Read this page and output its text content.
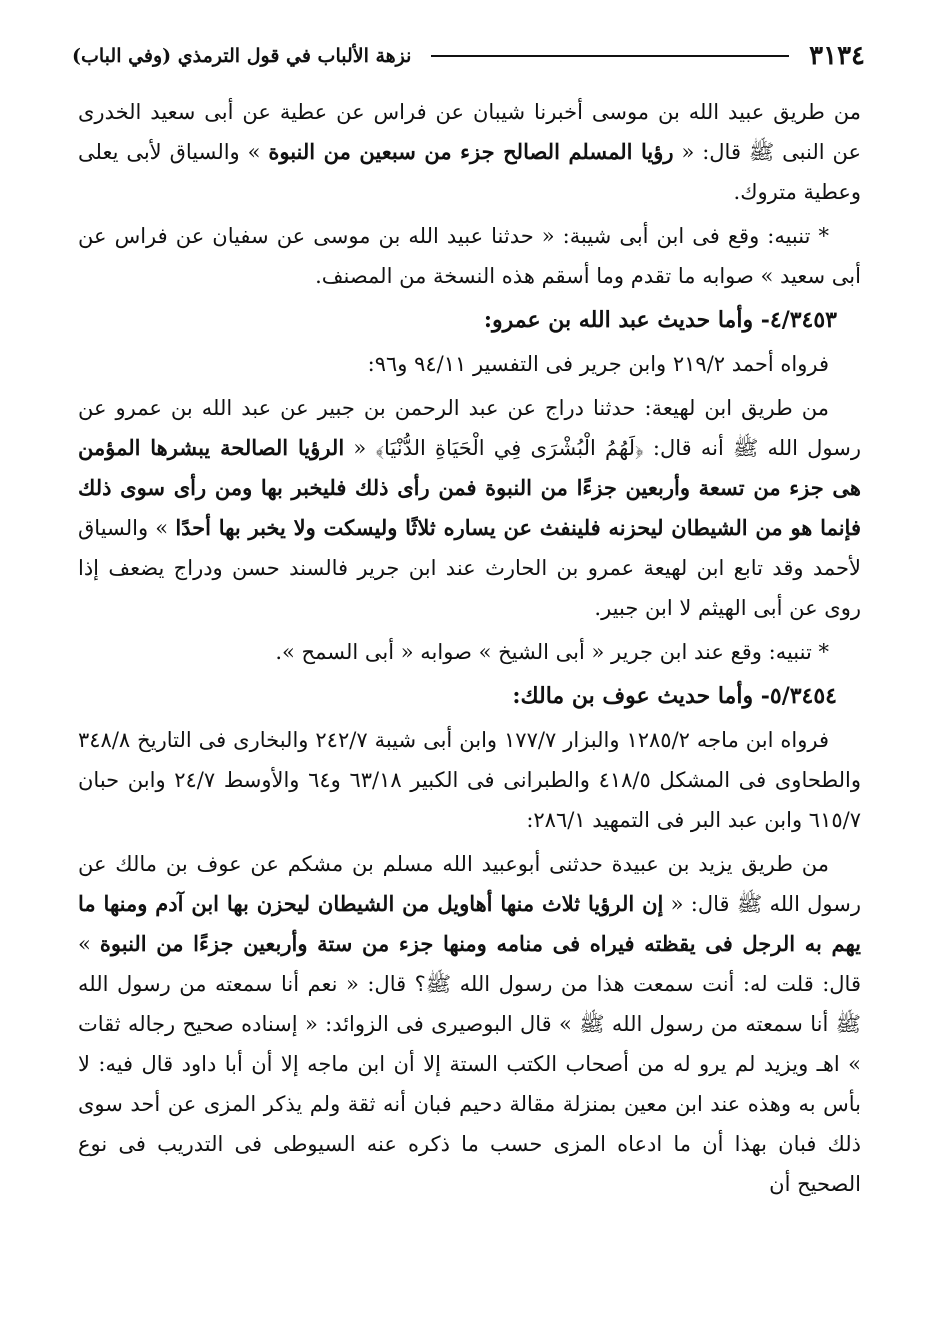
٣١٣٤
نزهة الألباب في قول الترمذي (وفي الباب)

من طريق عبيد الله بن موسى أخبرنا شيبان عن فراس عن عطية عن أبى سعيد الخدرى عن النبى ﷺ قال: « رؤيا المسلم الصالح جزء من سبعين من النبوة » والسياق لأبى يعلى وعطية متروك.

* تنبيه: وقع فى ابن أبى شيبة: « حدثنا عبيد الله بن موسى عن سفيان عن فراس عن أبى سعيد » صوابه ما تقدم وما أسقم هذه النسخة من المصنف.

٤/٣٤٥٣- وأما حديث عبد الله بن عمرو:

فرواه أحمد ٢١٩/٢ وابن جرير فى التفسير ٩٤/١١ و٩٦:

من طريق ابن لهيعة: حدثنا دراج عن عبد الرحمن بن جبير عن عبد الله بن عمرو عن رسول الله ﷺ أنه قال: ﴿لَهُمُ الْبُشْرَى فِي الْحَيَاةِ الدُّنْيَا﴾ « الرؤيا الصالحة يبشرها المؤمن هى جزء من تسعة وأربعين جزءًا من النبوة فمن رأى ذلك فليخبر بها ومن رأى سوى ذلك فإنما هو من الشيطان ليحزنه فلينفث عن يساره ثلاثًا وليسكت ولا يخبر بها أحدًا » والسياق لأحمد وقد تابع ابن لهيعة عمرو بن الحارث عند ابن جرير فالسند حسن ودراج يضعف إذا روى عن أبى الهيثم لا ابن جبير.

* تنبيه: وقع عند ابن جرير « أبى الشيخ » صوابه « أبى السمح ».

٥/٣٤٥٤- وأما حديث عوف بن مالك:

فرواه ابن ماجه ١٢٨٥/٢ والبزار ١٧٧/٧ وابن أبى شيبة ٢٤٢/٧ والبخارى فى التاريخ ٣٤٨/٨ والطحاوى فى المشكل ٤١٨/٥ والطبرانى فى الكبير ٦٣/١٨ و٦٤ والأوسط ٢٤/٧ وابن حبان ٦١٥/٧ وابن عبد البر فى التمهيد ٢٨٦/١:

من طريق يزيد بن عبيدة حدثنى أبوعبيد الله مسلم بن مشكم عن عوف بن مالك عن رسول الله ﷺ قال: « إن الرؤيا ثلاث منها أهاويل من الشيطان ليحزن بها ابن آدم ومنها ما يهم به الرجل فى يقظته فيراه فى منامه ومنها جزء من ستة وأربعين جزءًا من النبوة » قال: قلت له: أنت سمعت هذا من رسول الله ﷺ؟ قال: « نعم أنا سمعته من رسول الله ﷺ أنا سمعته من رسول الله ﷺ » قال البوصيرى فى الزوائد: « إسناده صحيح رجاله ثقات » اهـ ويزيد لم يرو له من أصحاب الكتب الستة إلا أن ابن ماجه إلا أن أبا داود قال فيه: لا بأس به وهذه عند ابن معين بمنزلة مقالة دحيم فبان أنه ثقة ولم يذكر المزى عن أحد سوى ذلك فبان بهذا أن ما ادعاه المزى حسب ما ذكره عنه السيوطى فى التدريب فى نوع الصحيح أن
